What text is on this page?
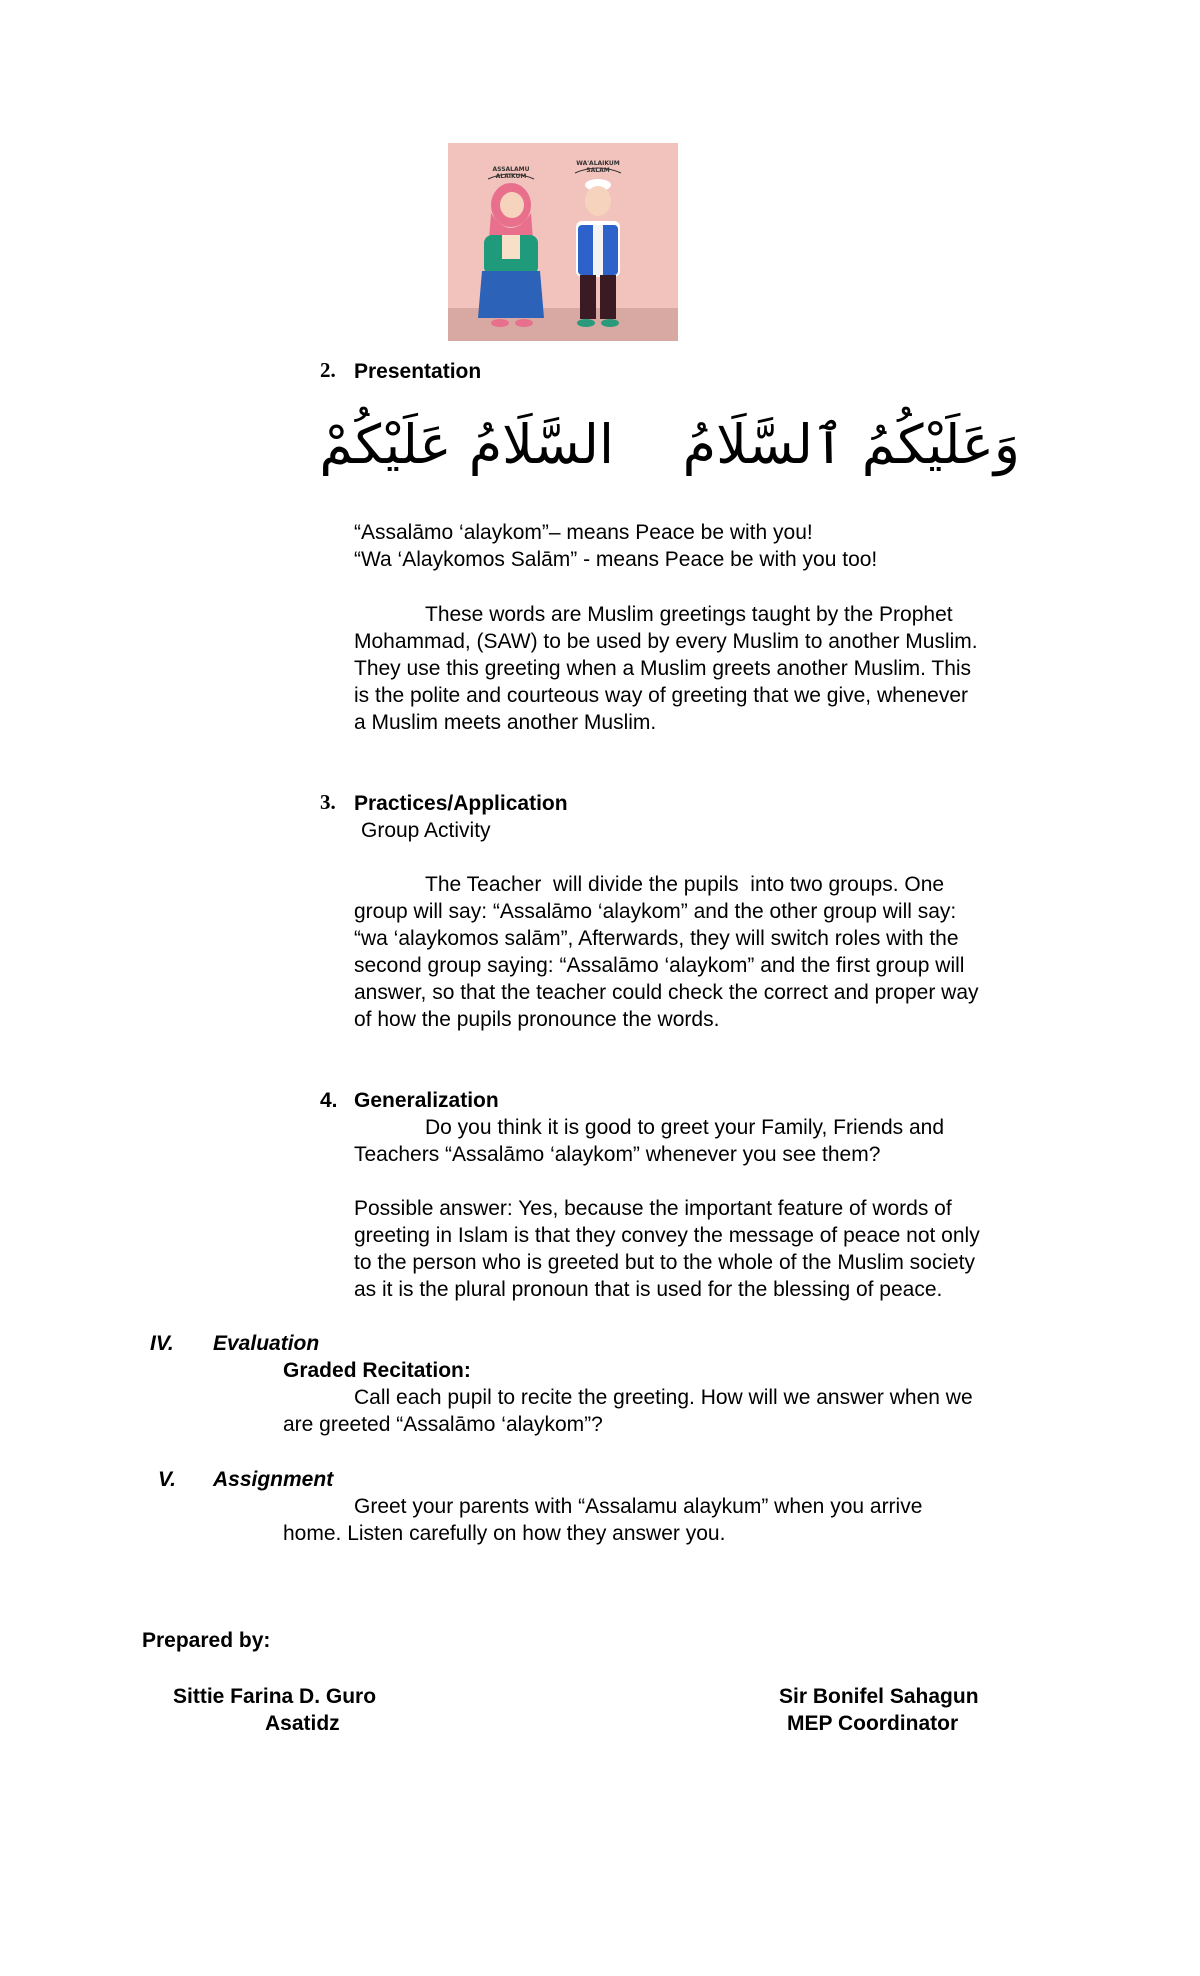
ASSALAMU ALAIKUM
WA'ALAIKUM SALAM
2. Presentation
السَّلَامُ عَلَيْكُمْ وَعَلَيْكُمُ ٱلسَّلَامُ
“Assalāmo ‘alaykom”– means Peace be with you!
“Wa ‘Alaykomos Salām” - means Peace be with you too!
These words are Muslim greetings taught by the Prophet
Mohammad, (SAW) to be used by every Muslim to another Muslim.
They use this greeting when a Muslim greets another Muslim. This
is the polite and courteous way of greeting that we give, whenever
a Muslim meets another Muslim.
3. Practices/Application
Group Activity
The Teacher  will divide the pupils  into two groups. One
group will say: “Assalāmo ‘alaykom” and the other group will say:
“wa ‘alaykomos salām”, Afterwards, they will switch roles with the
second group saying: “Assalāmo ‘alaykom” and the first group will
answer, so that the teacher could check the correct and proper way
of how the pupils pronounce the words.
4. Generalization
Do you think it is good to greet your Family, Friends and
Teachers “Assalāmo ‘alaykom” whenever you see them?
Possible answer: Yes, because the important feature of words of
greeting in Islam is that they convey the message of peace not only
to the person who is greeted but to the whole of the Muslim society
as it is the plural pronoun that is used for the blessing of peace.
IV. Evaluation
Graded Recitation:
Call each pupil to recite the greeting. How will we answer when we
are greeted “Assalāmo ‘alaykom”?
V. Assignment
Greet your parents with “Assalamu alaykum” when you arrive
home. Listen carefully on how they answer you.
Prepared by:
Sittie Farina D. Guro
Asatidz
Sir Bonifel Sahagun
MEP Coordinator
